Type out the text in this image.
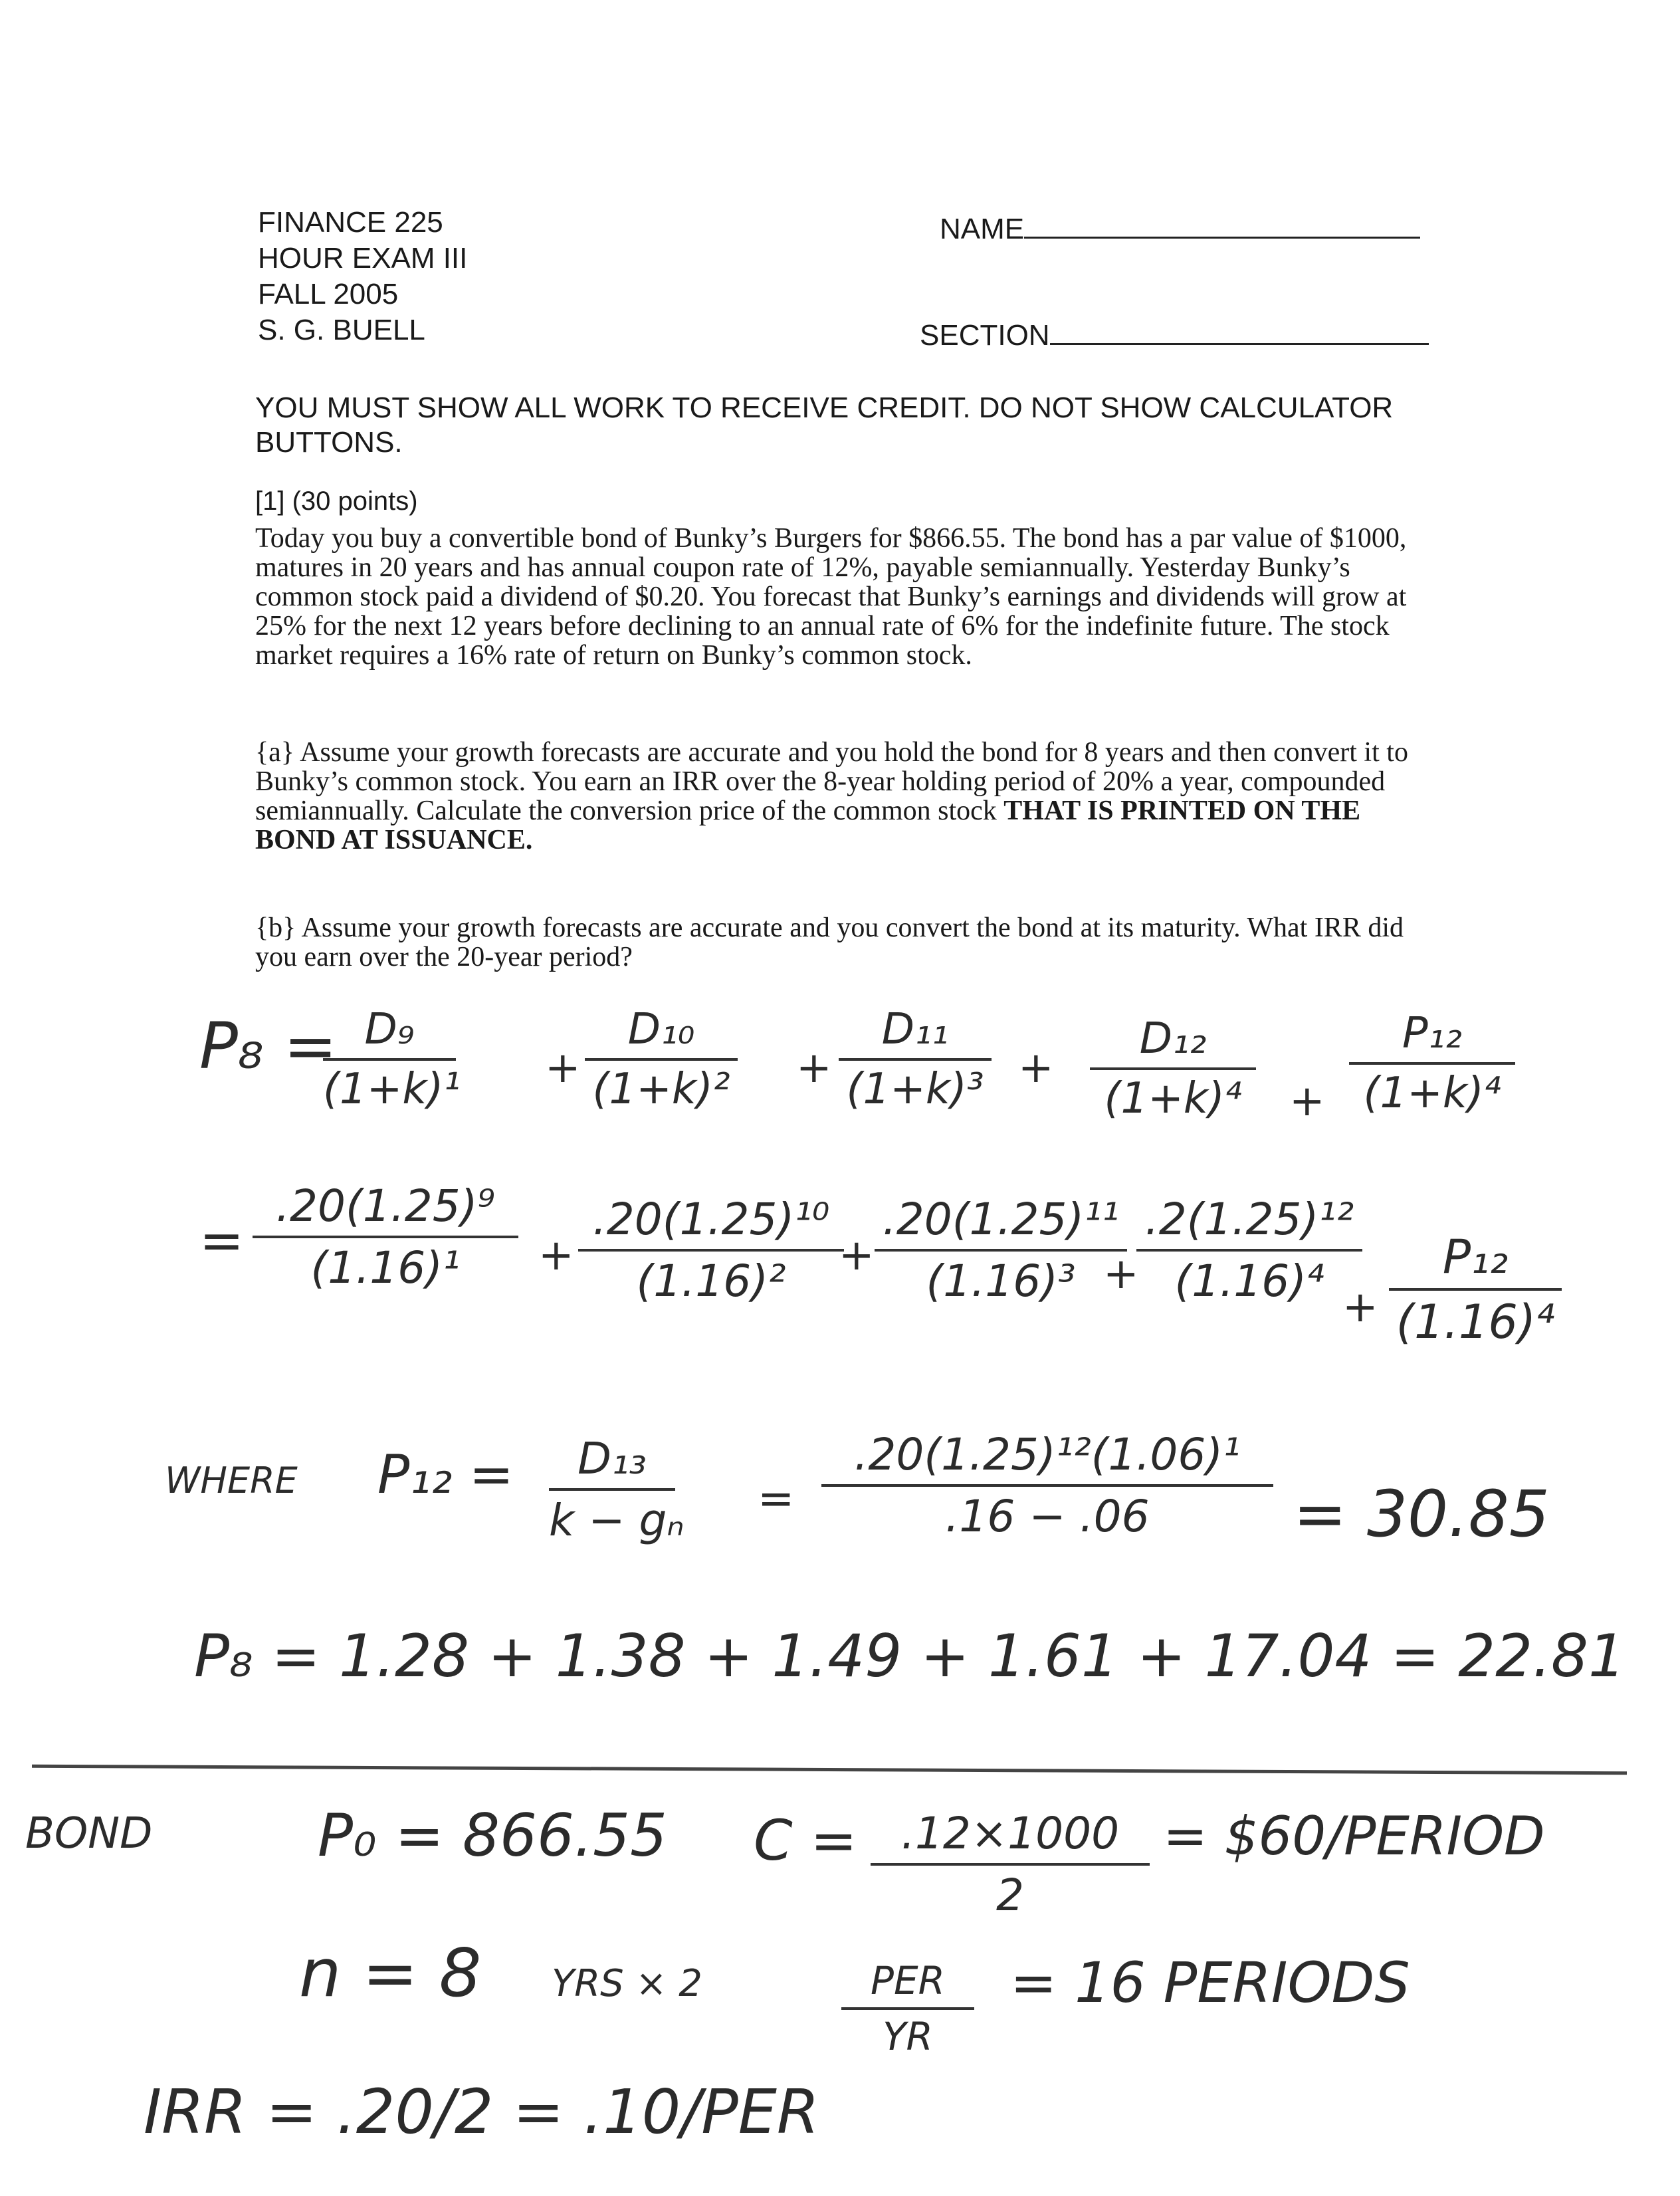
FINANCE 225
HOUR EXAM III
FALL 2005
S. G. BUELL
NAME
SECTION
YOU MUST SHOW ALL WORK TO RECEIVE CREDIT. DO NOT SHOW CALCULATOR BUTTONS.
[1] (30 points)
Today you buy a convertible bond of Bunky’s Burgers for $866.55. The bond has a par value of $1000, matures in 20 years and has annual coupon rate of 12%, payable semiannually. Yesterday Bunky’s common stock paid a dividend of $0.20. You forecast that Bunky’s earnings and dividends will grow at 25% for the next 12 years before declining to an annual rate of 6% for the indefinite future. The stock market requires a 16% rate of return on Bunky’s common stock.
{a} Assume your growth forecasts are accurate and you hold the bond for 8 years and then convert it to Bunky’s common stock. You earn an IRR over the 8-year holding period of 20% a year, compounded semiannually. Calculate the conversion price of the common stock THAT IS PRINTED ON THE BOND AT ISSUANCE.
{b} Assume your growth forecasts are accurate and you convert the bond at its maturity. What IRR did you earn over the 20-year period?
P₈ = D₉
(1+k)¹ +
D₁₀
(1+k)² +
D₁₁
(1+k)³ +
D₁₂
(1+k)⁴	+
P₁₂
(1+k)⁴
=
.20(1.25)⁹
(1.16)¹	+
.20(1.25)¹⁰
(1.16)²	+
.20(1.25)¹¹
(1.16)³ +
.2(1.25)¹²
(1.16)⁴
+
P₁₂
(1.16)⁴
WHERE P₁₂ =	D₁₃
k − gₙ =
.20(1.25)¹²(1.06)¹
.16 − .06	= 30.85
P₈ = 1.28 + 1.38 + 1.49 + 1.61 + 17.04 = 22.81
BOND	P₀ = 866.55 C =	.12×1000
2
= $60/PERIOD
n = 8 YRS × 2	PER
YR
= 16 PERIODS
IRR = .20/2 = .10/PER
